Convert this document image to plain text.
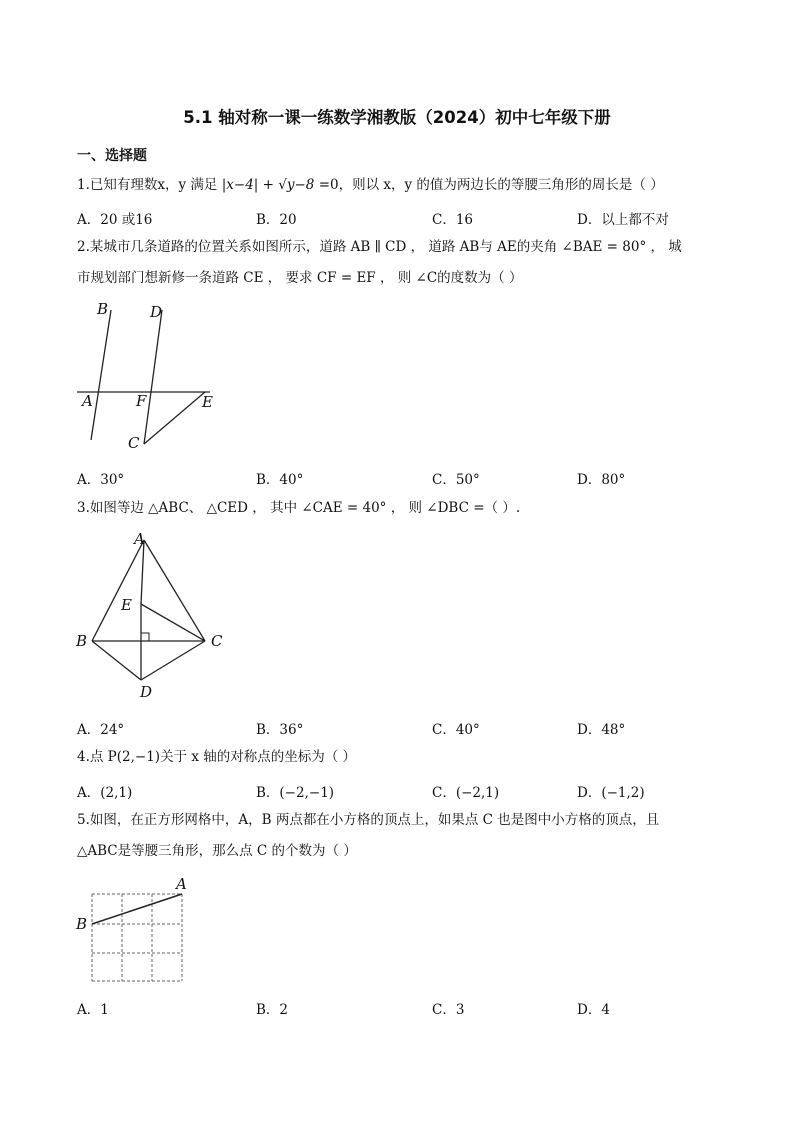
5.1 轴对称一课一练数学湘教版（2024）初中七年级下册
一、选择题
1.已知有理数x，y 满足 |x−4| + √y−8 =0，则以 x，y 的值为两边长的等腰三角形的周长是（ ）
A．20 或16	B．20	C．16	D．以上都不对
2.某城市几条道路的位置关系如图所示，道路 AB ∥ CD ， 道路 AB与 AE的夹角 ∠BAE = 80° ， 城
市规划部门想新修一条道路 CE ， 要求 CF = EF ， 则 ∠C的度数为（ ）
B	D
A	F	E
C
A．30°	B．40°	C．50°	D．80°
3.如图等边 △ABC、 △CED ， 其中 ∠CAE = 40° ， 则 ∠DBC =（ ）.
A
E
B	C
D
A．24°	B．36°	C．40°	D．48°
4.点 P(2,−1)关于 x 轴的对称点的坐标为（ ）
A．(2,1)	B．(−2,−1)	C．(−2,1)	D．(−1,2)
5.如图，在正方形网格中，A，B 两点都在小方格的顶点上，如果点 C 也是图中小方格的顶点，且
△ABC是等腰三角形，那么点 C 的个数为（ ）
A
B
A．1	B．2	C．3	D．4
